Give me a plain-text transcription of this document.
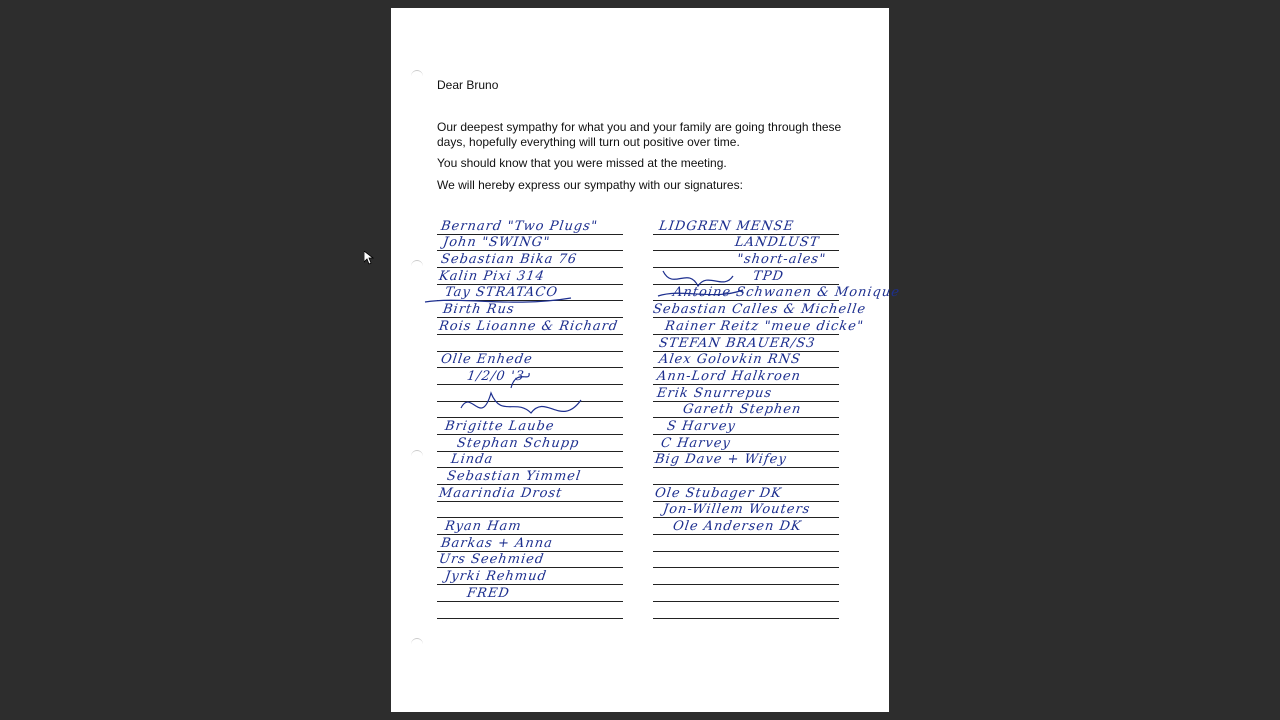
Dear Bruno
Our deepest sympathy for what you and your family are going through these days, hopefully everything will turn out positive over time.
You should know that you were missed at the meeting.
We will hereby express our sympathy with our signatures:
Bernard "Two Plugs"
John "SWING"
Sebastian Bika 76
Kalin Pixi 314
Tay STRATACO
Birth Rus
Rois Lioanne & Richard
Olle Enhede
1/2/0 '3
Brigitte Laube
Stephan Schupp
Linda
Sebastian Yimmel
Maarindia Drost
Ryan Ham
Barkas + Anna
Urs Seehmied
Jyrki Rehmud
FRED
LIDGREN MENSE
LANDLUST
"short-ales"
TPD
Antoine Schwanen & Monique
Sebastian Calles & Michelle
Rainer Reitz "meue dicke"
STEFAN BRAUER/S3
Alex Golovkin RNS
Ann-Lord Halkroen
Erik Snurrepus
Gareth Stephen
S Harvey
C Harvey
Big Dave + Wifey
Ole Stubager DK
Jon-Willem Wouters
Ole Andersen DK
